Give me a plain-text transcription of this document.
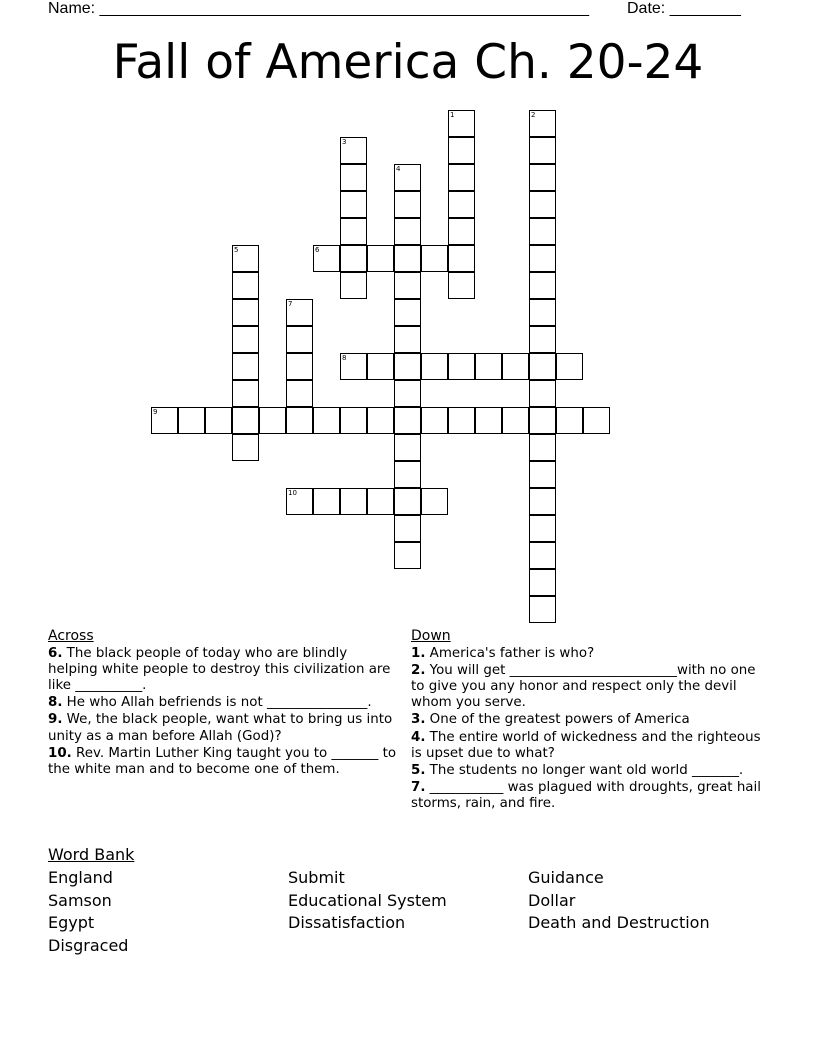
Name: _______________________________________________________ Date: ________
Fall of America Ch. 20-24
1	2
3
4
5	6
7
8
9
10
Across
6. The black people of today who are blindly helping white people to destroy this civilization are like __________.
8. He who Allah befriends is not _______________.
9. We, the black people, want what to bring us into unity as a man before Allah (God)?
10. Rev. Martin Luther King taught you to _______ to the white man and to become one of them.
Down
1. America's father is who?
2. You will get _________________________with no one to give you any honor and respect only the devil whom you serve.
3. One of the greatest powers of America
4. The entire world of wickedness and the righteous is upset due to what?
5. The students no longer want old world _______.
7. ___________ was plagued with droughts, great hail storms, rain, and fire.
Word Bank
England	Submit	Guidance
Samson	Educational System	Dollar
Egypt	Dissatisfaction	Death and Destruction
Disgraced
